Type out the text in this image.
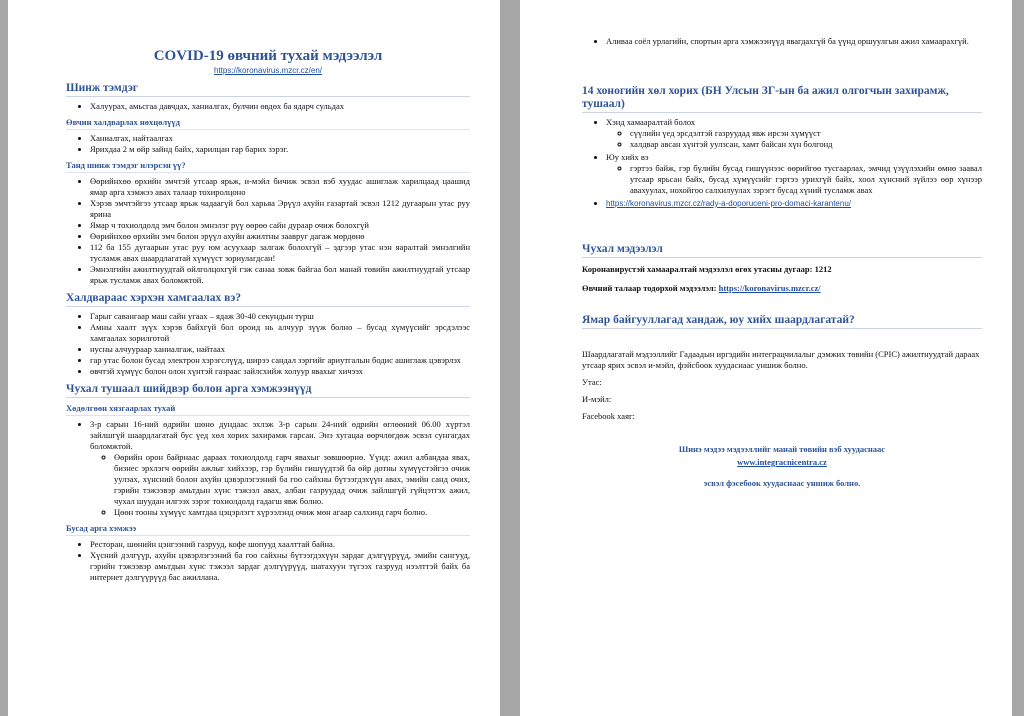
COVID-19 өвчний тухай мэдээлэл
https://koronavirus.mzcr.cz/en/
Шинж тэмдэг
• Халуурах, амьсгаа давчдах, ханиалгах, булчин өвдөх ба ядарч сульдах
Өвчин халдварлах нөхцөлүүд
• Ханиалгах, найтаалгах
• Ярихдаа 2 м өйр зайнд байх, харилцан гар барих зэрэг.
Танд шинж тэмдэг илэрсэн үү?
• Өөрийнхөө өрхийн эмчтэй утсаар ярьж, и-мэйл бичиж эсвэл вэб хуудас ашиглаж харилцаад цаашид ямар арга хэмжээ авах талаар тохиролцоно
• Хэрэв эмчтэйгээ утсаар ярьж чадаагүй бол харьяа Эрүүл ахуйн газартай эсвэл 1212 дугаарын утас руу ярина
• Ямар ч тохиолдолд эмч болон эмнэлэг рүү өөрөө сайн дураар очиж болохгүй
• Өөрийнхөө өрхийн эмч болон эрүүл ахуйн ажилтны заавруг дагаж мөрдөнө
• 112 ба 155 дугаарын утас руу юм асуухаар залгаж болохгүй – эдгээр утас нэн яаралтай эмнэлгийн тусламж авах шаардлагатай хүмүүст зориулагдсан!
• Эмнэлгийн ажилтнуудтай өйлголцохгүй гэж санаа зовж байгаа бол манай төвийн ажилтнуудтай утсаар ярьж тусламж авах боломжтой.
Халдвараас хэрхэн хамгаалах вэ?
• Гарыг савангаар маш сайн угаах – ядаж 30-40 секундын турш
• Амны хаалт зүүх хэрэв байхгүй бол ороид нь алчуур зүүж болно – бусад хүмүүсийг эрсдэлээс хамгаалах зорилготой
• нусны алчуураар ханиалгаж, найтаах
• гар утас болон бусад электрон хэрэгслүүд, ширээ сандал зэргийг ариутгалын бодис ашиглаж цэвэрлэх
• өвчтэй хүмүүс болон олон хүнтэй газраас зайлсхийж холуур явахыг хичээх
Чухал тушаал шийдвэр болон арга хэмжээнүүд
Хөдөлгөөн хязгаарлах тухай
• 3-р сарын 16-ний өдрийн шөнө дундаас эхлэж 3-р сарын 24-ний өдрийн өглөөний 06.00 хүртэл зайлшгүй шаардлагатай бус үед хөл хорих захирамж гарсан. Энэ хугацаа өөрчлөгдөж эсвэл сунгагдах боломжтой.
◦ Өөрийн орон байрнаас дараах тохиолдолд гарч явахыг зөвшөөрнө. Үүнд: ажил албандаа явах, бизнес эрхлэгч өөрийн ажлыг хийхээр, гэр бүлийн гишүүдтэй ба өйр дотны хүмүүстэйгээ очиж уулзах, хүнсний болон ахуйн цэвэрлэгээний ба гоо сайхны бүтээгдэхүүн авах, эмийн санд очих, гэрийн тэжээвэр амьтдын хүнс тэжээл авах, албан газруудад очиж зайлшгүй гүйцэтгэх ажил, чухал шуудан илгээх зэрэг тохиолдолд гадагш явж болно.
◦ Цөөн тооны хүмүүс хамтдаа цэцэрлэгт хүрээлэнд очиж мөн агаар салхинд гарч болно.
Бусад арга хэмжээ
• Ресторан, шөнийн цэнгээний газрууд, кофе шопууд хаалттай байна.
• Хүсний дэлгүүр, ахуйн цэвэрлэгээний ба гоо сайхны бүтээгдэхүүн зардаг дэлгүүрүүд, эмийн сангууд, гэрийн тэжээвэр амьтдын хүнс тэжээл зардаг дэлгүүрүүд, шатахуун түгээх газрууд нээлттэй байх ба интернет дэлгүүрүүд бас ажиллана.
• Аливаа соёл урлагийн, спортын арга хэмжээнүүд явагдахгүй ба үүнд оршуулгын ажил хамаарахгүй.
14 хоногийн хөл хорих (БН Улсын ЗГ-ын ба ажил олгогчын захирамж, тушаал)
• Хэнд хамааралтай болох
◦ сүүлийн үед эрсдэлтэй газруудад явж ирсэн хүмүүст
◦ халдвар авсан хүнтэй уулзсан, хамт байсан хүн болгонд
• Юу хийх вэ
◦ гэртээ байж, гэр бүлийн бусад гишүүнээс өөрийгөө тусгаарлах, эмчид үзүүлэхийн өмнө заавал утсаар ярьсан байх, бусад хүмүүсийг гэртээ урихгүй байх, хоол хүнсний зүйлээ өөр хүнээр авахуулах, нохойгоо салхилуулах зэрэгт бусад хүний тусламж авах
• https://koronavirus.mzcr.cz/rady-a-doporuceni-pro-domaci-karantenu/
Чухал мэдээлэл

Коронавирустэй хамааралтай мэдээлэл өгөх утасны дугаар: 1212

Өвчний талаар тодорхой мэдээлэл: https://koronavirus.mzcr.cz/

Ямар байгууллагад хандаж, юу хийх шаардлагатай?

Шаардлагатай мэдээллийг Гадаадын иргэдийн интеграцчилалыг дэмжих төвийн (CPIC) ажилтнуудтай дараах утсаар ярих эсвэл и-мэйл, фэйсбоок хуудаснаас уншиж болно.

Утас:

И-мэйл:

Facebook хаяг:

Шинэ мэдээ мэдээллийг манай төвийн вэб хуудаснаас

www.integracnicentra.cz

эсвэл фэсебоок хуудаснаас уншиж болно.
